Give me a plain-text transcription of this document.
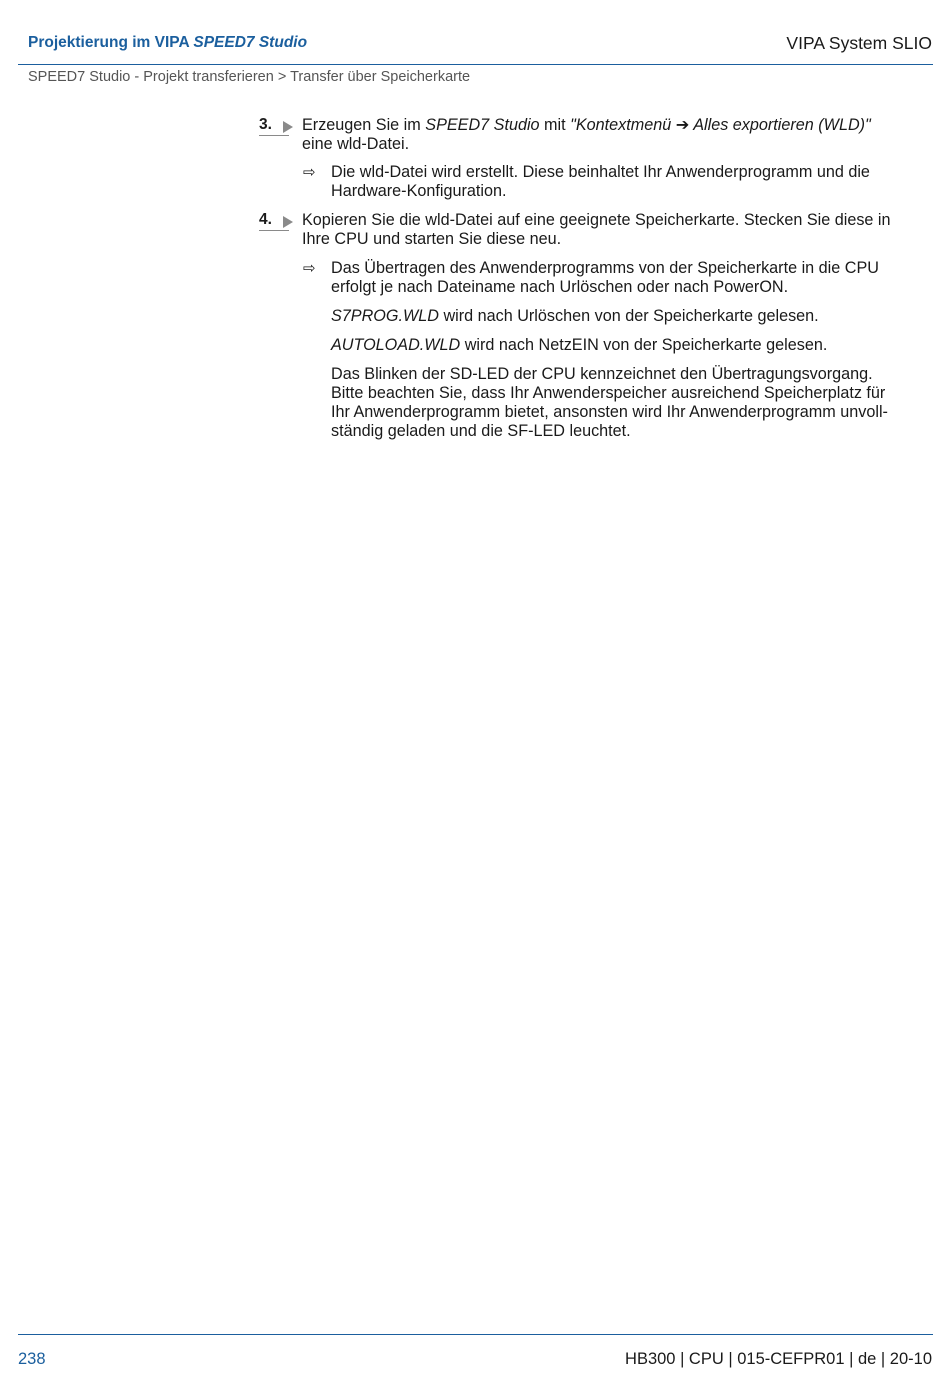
Projektierung im VIPA SPEED7 Studio	VIPA System SLIO
SPEED7 Studio - Projekt transferieren > Transfer über Speicherkarte
3. Erzeugen Sie im SPEED7 Studio mit "Kontextmenü ➔ Alles exportieren (WLD)"
eine wld-Datei.
⇨ Die wld-Datei wird erstellt. Diese beinhaltet Ihr Anwenderprogramm und die
Hardware-Konfiguration.
4. Kopieren Sie die wld-Datei auf eine geeignete Speicherkarte. Stecken Sie diese in
Ihre CPU und starten Sie diese neu.
⇨ Das Übertragen des Anwenderprogramms von der Speicherkarte in die CPU
erfolgt je nach Dateiname nach Urlöschen oder nach PowerON.
S7PROG.WLD wird nach Urlöschen von der Speicherkarte gelesen.
AUTOLOAD.WLD wird nach NetzEIN von der Speicherkarte gelesen.
Das Blinken der SD-LED der CPU kennzeichnet den Übertragungsvorgang.
Bitte beachten Sie, dass Ihr Anwenderspeicher ausreichend Speicherplatz für
Ihr Anwenderprogramm bietet, ansonsten wird Ihr Anwenderprogramm unvoll-
ständig geladen und die SF-LED leuchtet.
238	HB300 | CPU | 015-CEFPR01 | de | 20-10
